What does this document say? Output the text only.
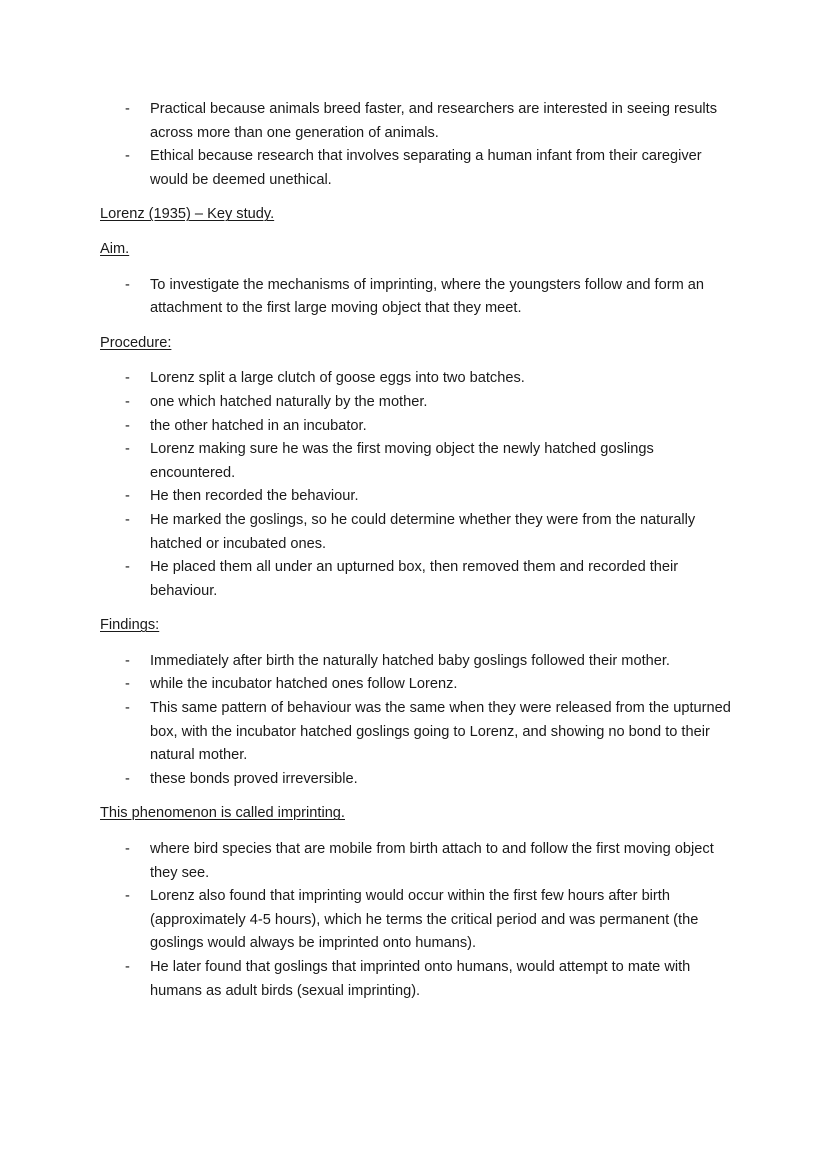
- Practical because animals breed faster, and researchers are interested in seeing results across more than one generation of animals.
- Ethical because research that involves separating a human infant from their caregiver would be deemed unethical.
Lorenz (1935) – Key study.
Aim.
- To investigate the mechanisms of imprinting, where the youngsters follow and form an attachment to the first large moving object that they meet.
Procedure:
- Lorenz split a large clutch of goose eggs into two batches.
- one which hatched naturally by the mother.
- the other hatched in an incubator.
- Lorenz making sure he was the first moving object the newly hatched goslings encountered.
- He then recorded the behaviour.
- He marked the goslings, so he could determine whether they were from the naturally hatched or incubated ones.
- He placed them all under an upturned box, then removed them and recorded their behaviour.
Findings:
- Immediately after birth the naturally hatched baby goslings followed their mother.
- while the incubator hatched ones follow Lorenz.
- This same pattern of behaviour was the same when they were released from the upturned box, with the incubator hatched goslings going to Lorenz, and showing no bond to their natural mother.
- these bonds proved irreversible.
This phenomenon is called imprinting.
- where bird species that are mobile from birth attach to and follow the first moving object they see.
- Lorenz also found that imprinting would occur within the first few hours after birth (approximately 4-5 hours), which he terms the critical period and was permanent (the goslings would always be imprinted onto humans).
- He later found that goslings that imprinted onto humans, would attempt to mate with humans as adult birds (sexual imprinting).
